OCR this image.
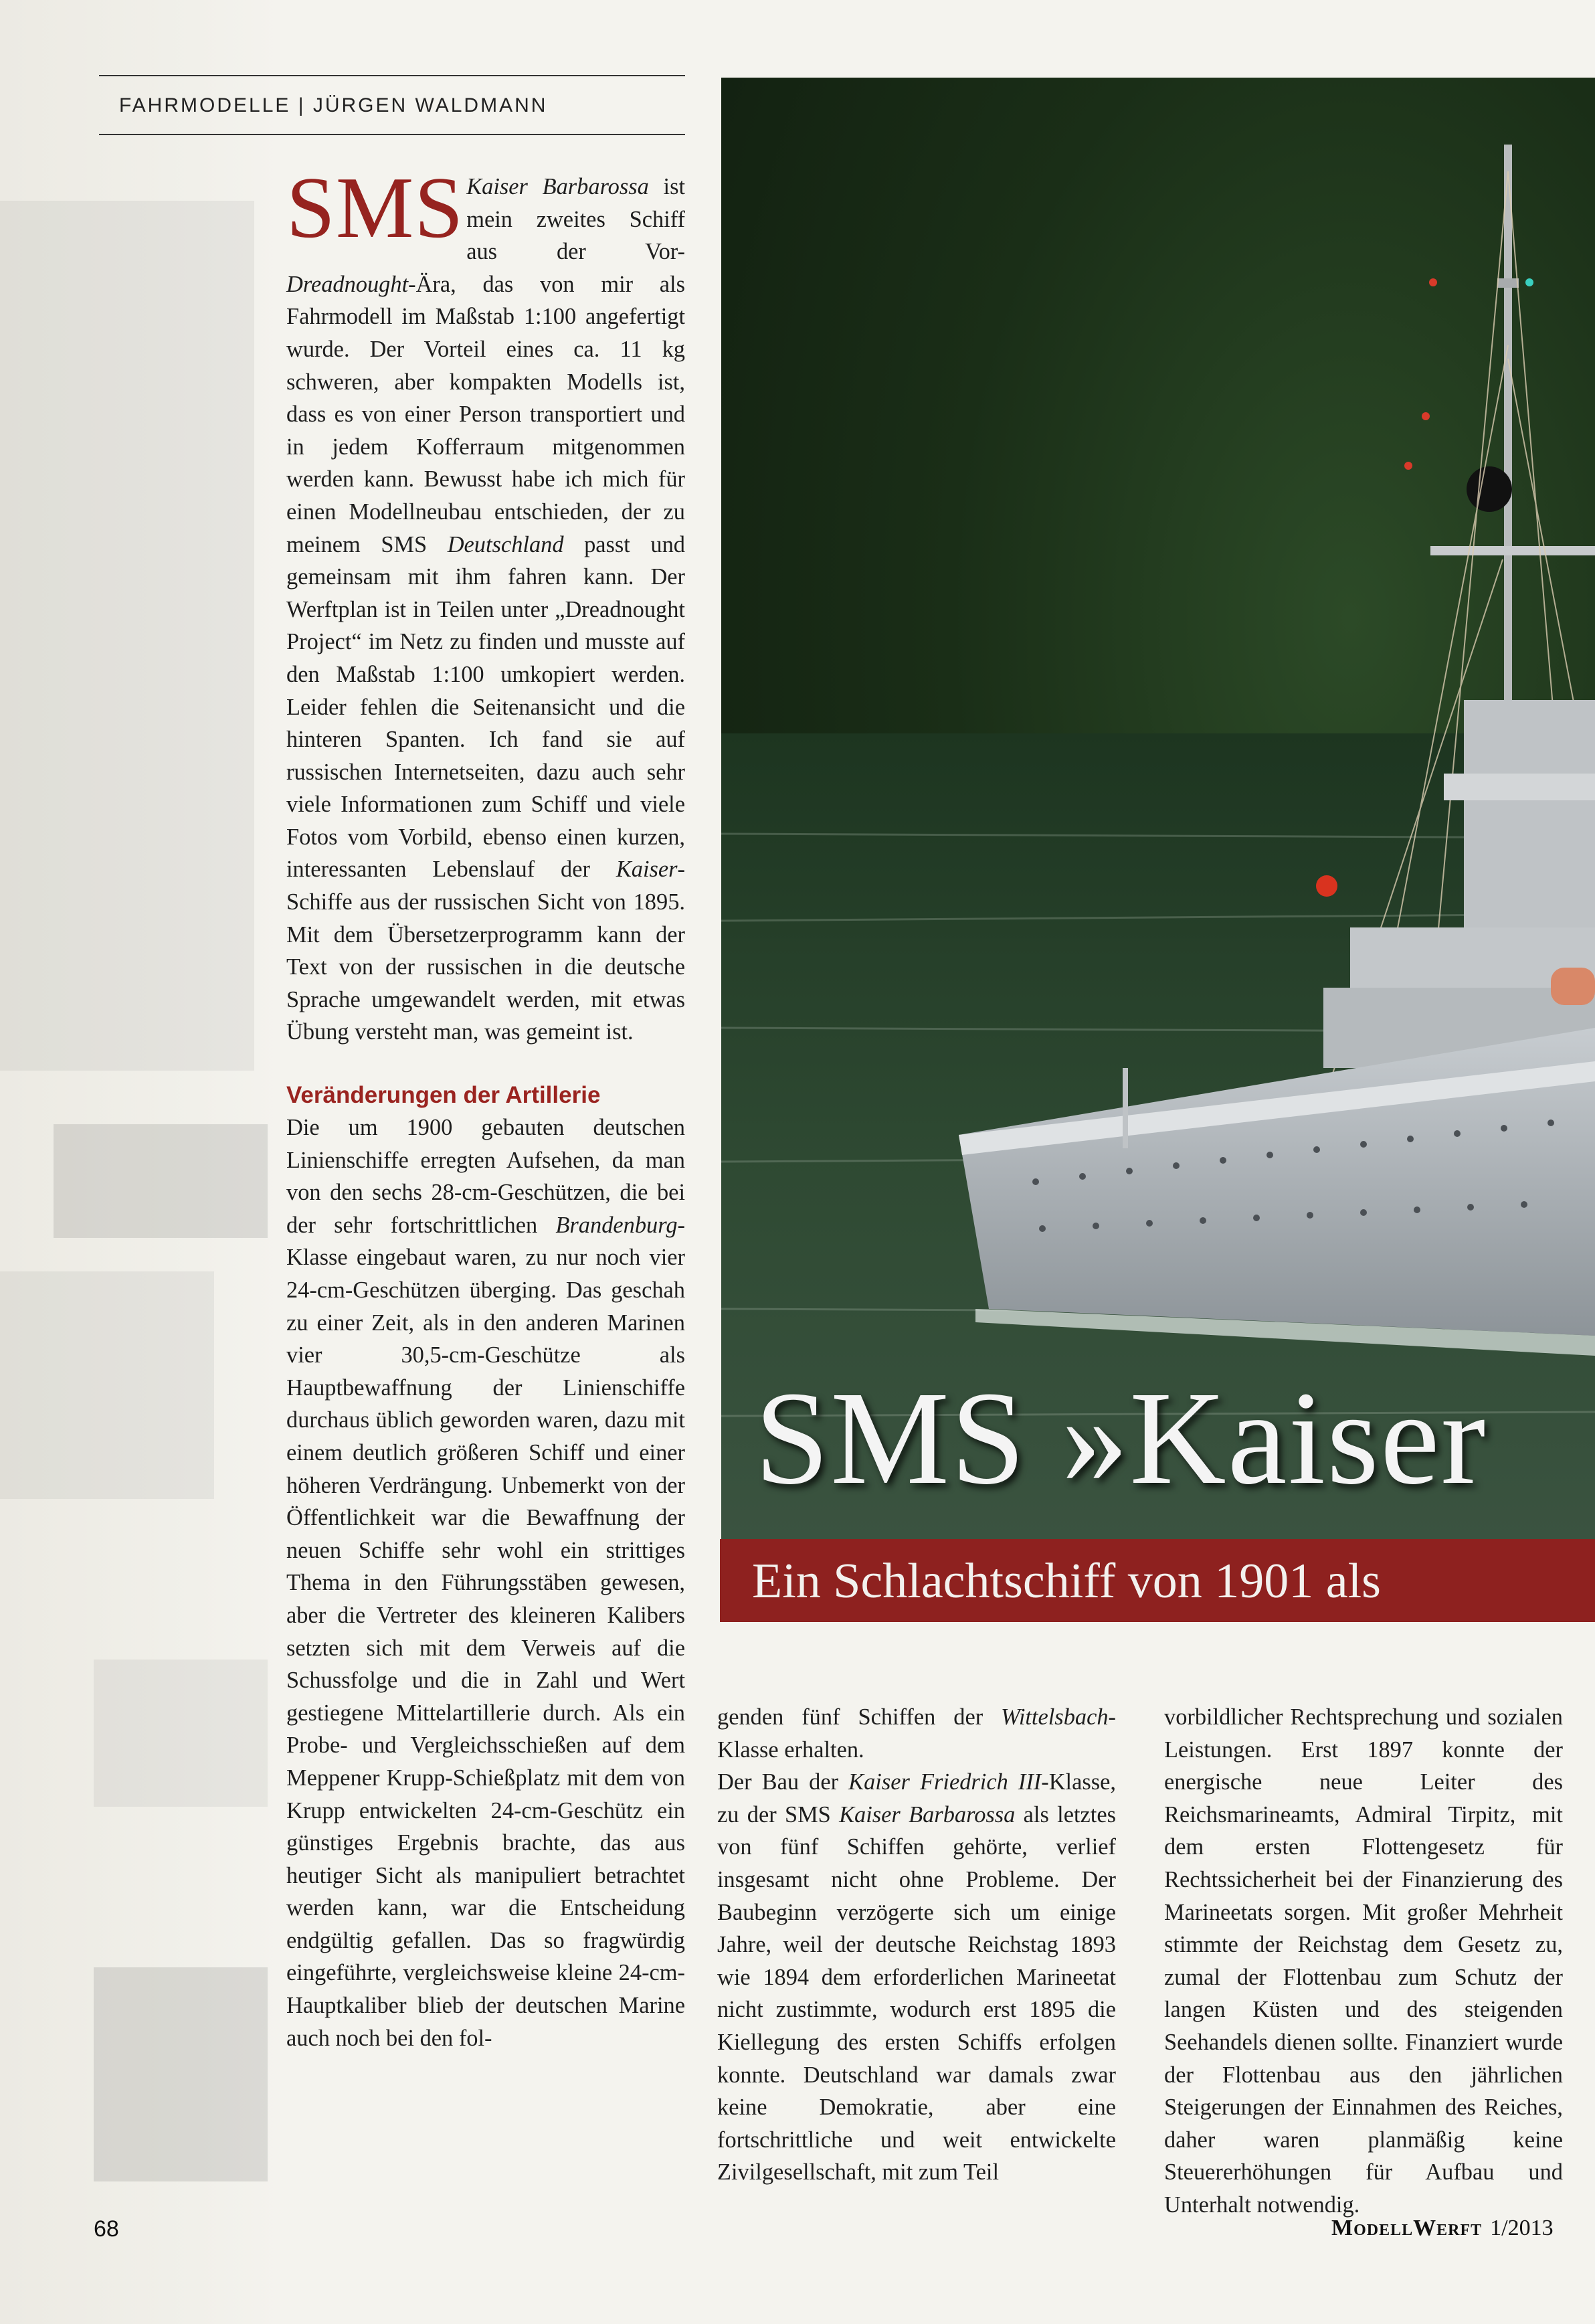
FAHRMODELLE | JÜRGEN WALDMANN

SMS Kaiser Barbarossa ist mein zweites Schiff aus der Vor-Dreadnought-Ära, das von mir als Fahrmodell im Maßstab 1:100 angefertigt wurde. Der Vorteil eines ca. 11 kg schweren, aber kompakten Modells ist, dass es von einer Person transportiert und in jedem Kofferraum mitgenommen werden kann. Bewusst habe ich mich für einen Modellneubau entschieden, der zu meinem SMS Deutschland passt und gemeinsam mit ihm fahren kann. Der Werftplan ist in Teilen unter „Dreadnought Project“ im Netz zu finden und musste auf den Maßstab 1:100 umkopiert werden. Leider fehlen die Seitenansicht und die hinteren Spanten. Ich fand sie auf russischen Internetseiten, dazu auch sehr viele Informationen zum Schiff und viele Fotos vom Vorbild, ebenso einen kurzen, interessanten Lebenslauf der Kaiser-Schiffe aus der russischen Sicht von 1895. Mit dem Übersetzerprogramm kann der Text von der russischen in die deutsche Sprache umgewandelt werden, mit etwas Übung versteht man, was gemeint ist.

Veränderungen der Artillerie

Die um 1900 gebauten deutschen Linienschiffe erregten Aufsehen, da man von den sechs 28-cm-Geschützen, die bei der sehr fortschrittlichen Brandenburg-Klasse eingebaut waren, zu nur noch vier 24-cm-Geschützen überging. Das geschah zu einer Zeit, als in den anderen Marinen vier 30,5-cm-Geschütze als Hauptbewaffnung der Linienschiffe durchaus üblich geworden waren, dazu mit einem deutlich größeren Schiff und einer höheren Verdrängung. Unbemerkt von der Öffentlichkeit war die Bewaffnung der neuen Schiffe sehr wohl ein strittiges Thema in den Führungsstäben gewesen, aber die Vertreter des kleineren Kalibers setzten sich mit dem Verweis auf die Schussfolge und die in Zahl und Wert gestiegene Mittelartillerie durch. Als ein Probe- und Vergleichsschießen auf dem Meppener Krupp-Schießplatz mit dem von Krupp entwickelten 24-cm-Geschütz ein günstiges Ergebnis brachte, das aus heutiger Sicht als manipuliert betrachtet werden kann, war die Entscheidung endgültig gefallen. Das so fragwürdig eingeführte, vergleichsweise kleine 24-cm-Hauptkaliber blieb der deutschen Marine auch noch bei den fol-

SMS »Kaiser
Ein Schlachtschiff von 1901 als

genden fünf Schiffen der Wittelsbach-Klasse erhalten.

Der Bau der Kaiser Friedrich III-Klasse, zu der SMS Kaiser Barbarossa als letztes von fünf Schiffen gehörte, verlief insgesamt nicht ohne Probleme. Der Baubeginn verzögerte sich um einige Jahre, weil der deutsche Reichstag 1893 wie 1894 dem erforderlichen Marineetat nicht zustimmte, wodurch erst 1895 die Kiellegung des ersten Schiffs erfolgen konnte. Deutschland war damals zwar keine Demokratie, aber eine fortschrittliche und weit entwickelte Zivilgesellschaft, mit zum Teil

vorbildlicher Rechtsprechung und sozialen Leistungen. Erst 1897 konnte der energische neue Leiter des Reichsmarineamts, Admiral Tirpitz, mit dem ersten Flottengesetz für Rechtssicherheit bei der Finanzierung des Marineetats sorgen. Mit großer Mehrheit stimmte der Reichstag dem Gesetz zu, zumal der Flottenbau zum Schutz der langen Küsten und des steigenden Seehandels dienen sollte. Finanziert wurde der Flottenbau aus den jährlichen Steigerungen der Einnahmen des Reiches, daher waren planmäßig keine Steuererhöhungen für Aufbau und Unterhalt notwendig.

68	ModellWerft 1/2013
